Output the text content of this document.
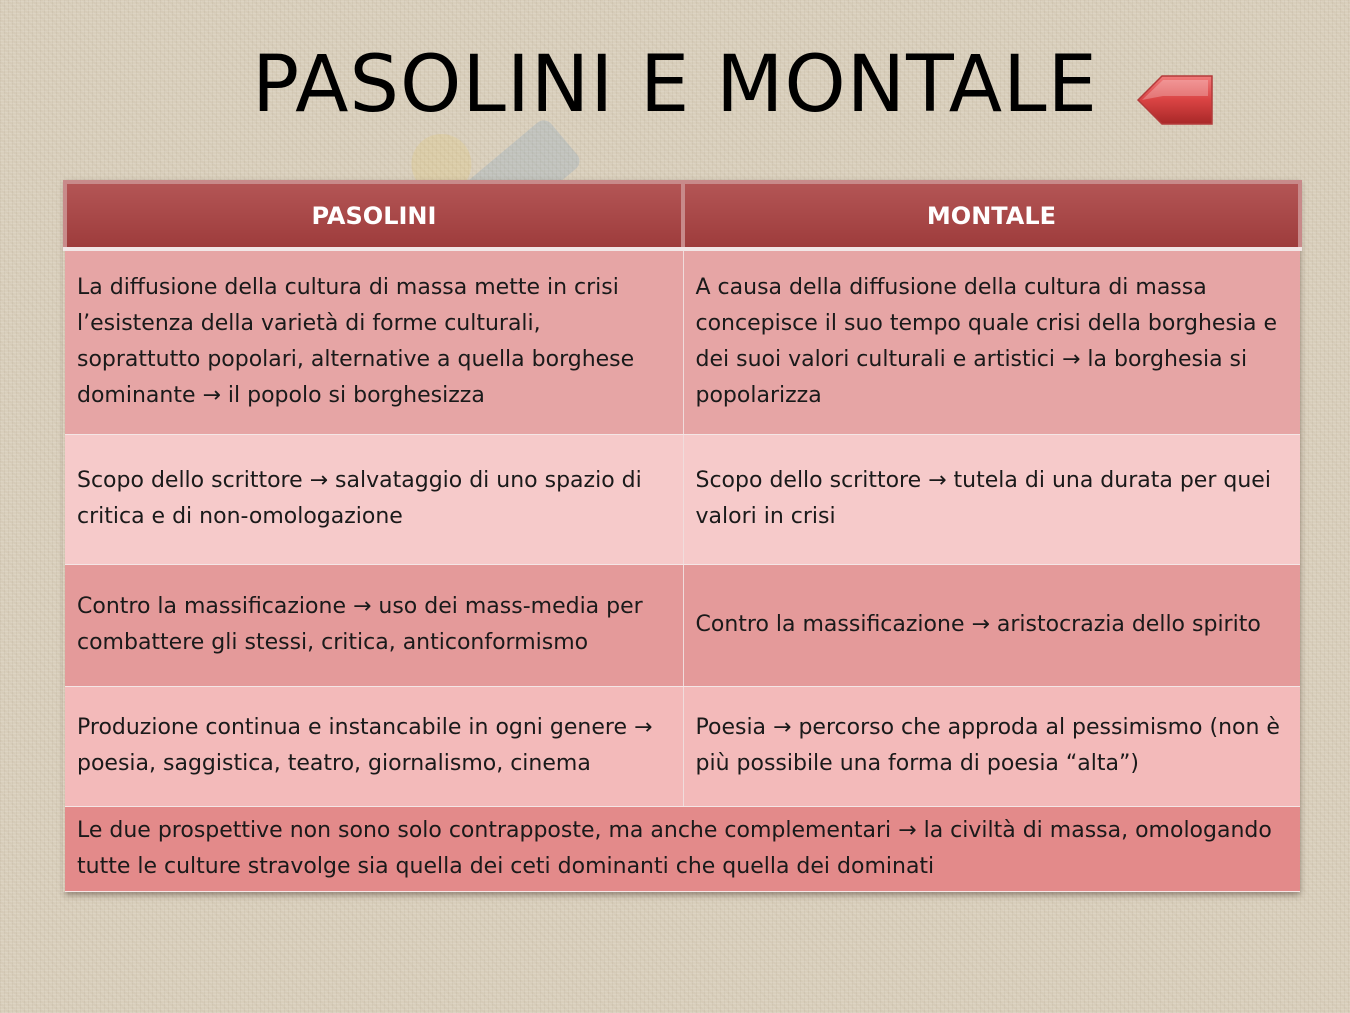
PASOLINI E MONTALE
PASOLINI	MONTALE
La diffusione della cultura di massa mette in crisi l’esistenza della varietà di forme culturali, soprattutto popolari, alternative a quella borghese dominante → il popolo si borghesizza	A causa della diffusione della cultura di massa concepisce il suo tempo quale crisi della borghesia e dei suoi valori culturali e artistici → la borghesia si popolarizza
Scopo dello scrittore → salvataggio di uno spazio di critica e di non-omologazione	Scopo dello scrittore → tutela di una durata per quei valori in crisi
Contro la massificazione → uso dei mass-media per combattere gli stessi, critica, anticonformismo	Contro la massificazione → aristocrazia dello spirito
Produzione continua e instancabile in ogni genere → poesia, saggistica, teatro, giornalismo, cinema	Poesia → percorso che approda al pessimismo (non è più possibile una forma di poesia “alta”)
Le due prospettive non sono solo contrapposte, ma anche complementari → la civiltà di massa, omologando tutte le culture stravolge sia quella dei ceti dominanti che quella dei dominati	
